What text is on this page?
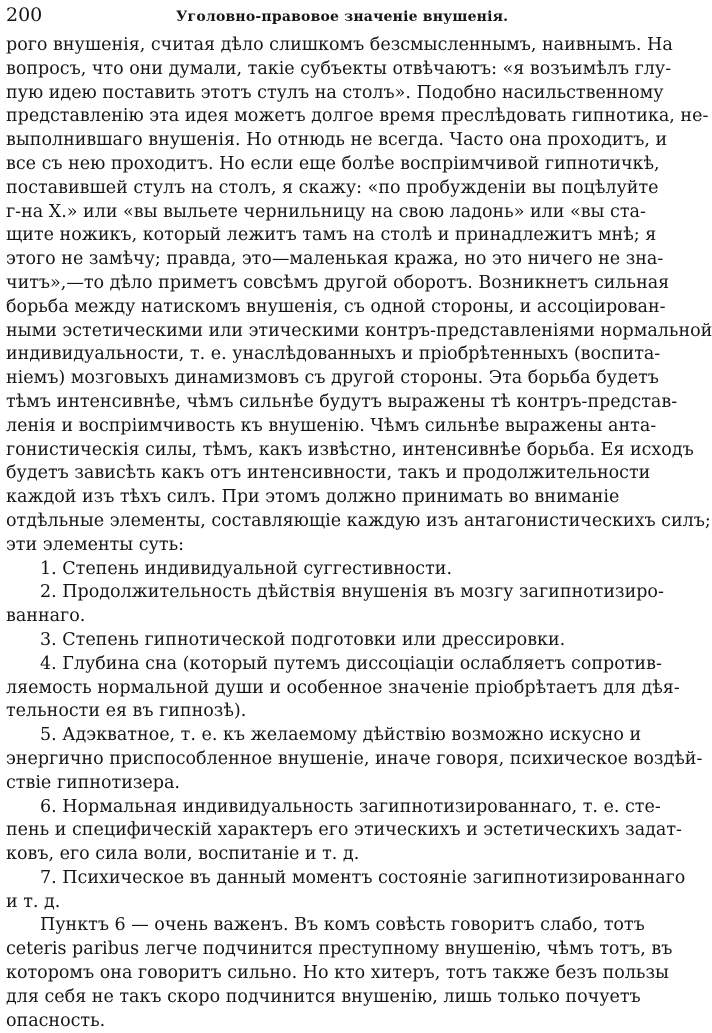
200	Уголовно-правовое значеніе внушенія.

рого внушенія, считая дѣло слишкомъ безсмысленнымъ, наивнымъ. На
вопросъ, что они думали, такіе субъекты отвѣчаютъ: «я возъимѣлъ глу-
пую идею поставить этотъ стулъ на столъ». Подобно насильственному
представленію эта идея можетъ долгое время преслѣдовать гипнотика, не-
выполнившаго внушенія. Но отнюдь не всегда. Часто она проходитъ, и
все съ нею проходитъ. Но если еще болѣе воспріимчивой гипнотичкѣ,
поставившей стулъ на столъ, я скажу: «по пробужденіи вы поцѣлуйте
г-на Х.» или «вы выльете чернильницу на свою ладонь» или «вы ста-
щите ножикъ, который лежитъ тамъ на столѣ и принадлежитъ мнѣ; я
этого не замѣчу; правда, это—маленькая кража, но это ничего не зна-
читъ»,—то дѣло приметъ совсѣмъ другой оборотъ. Возникнетъ сильная
борьба между натискомъ внушенія, съ одной стороны, и ассоціирован-
ными эстетическими или этическими контръ-представленіями нормальной
индивидуальности, т. е. унаслѣдованныхъ и пріобрѣтенныхъ (воспита-
ніемъ) мозговыхъ динамизмовъ съ другой стороны. Эта борьба будетъ
тѣмъ интенсивнѣе, чѣмъ сильнѣе будутъ выражены тѣ контръ-представ-
ленія и воспріимчивость къ внушенію. Чѣмъ сильнѣе выражены анта-
гонистическія силы, тѣмъ, какъ извѣстно, интенсивнѣе борьба. Ея исходъ
будетъ зависѣть какъ отъ интенсивности, такъ и продолжительности
каждой изъ тѣхъ силъ. При этомъ должно принимать во вниманіе
отдѣльные элементы, составляющіе каждую изъ антагонистическихъ силъ;
эти элементы суть:

1. Степень индивидуальной суггестивности.

2. Продолжительность дѣйствія внушенія въ мозгу загипнотизиро-
ваннаго.

3. Степень гипнотической подготовки или дрессировки.

4. Глубина сна (который путемъ диссоціаціи ослабляетъ сопротив-
ляемость нормальной души и особенное значеніе пріобрѣтаетъ для дѣя-
тельности ея въ гипнозѣ).

5. Адэкватное, т. е. къ желаемому дѣйствію возможно искусно и
энергично приспособленное внушеніе, иначе говоря, психическое воздѣй-
ствіе гипнотизера.

6. Нормальная индивидуальность загипнотизированнаго, т. е. сте-
пень и специфическій характеръ его этическихъ и эстетическихъ задат-
ковъ, его сила воли, воспитаніе и т. д.

7. Психическое въ данный моментъ состояніе загипнотизированнаго
и т. д.

Пунктъ 6 — очень важенъ. Въ комъ совѣсть говоритъ слабо, тотъ
ceteris paribus легче подчинится преступному внушенію, чѣмъ тотъ, въ
которомъ она говоритъ сильно. Но кто хитеръ, тотъ также безъ пользы
для себя не такъ скоро подчинится внушенію, лишь только почуетъ
опасность.
